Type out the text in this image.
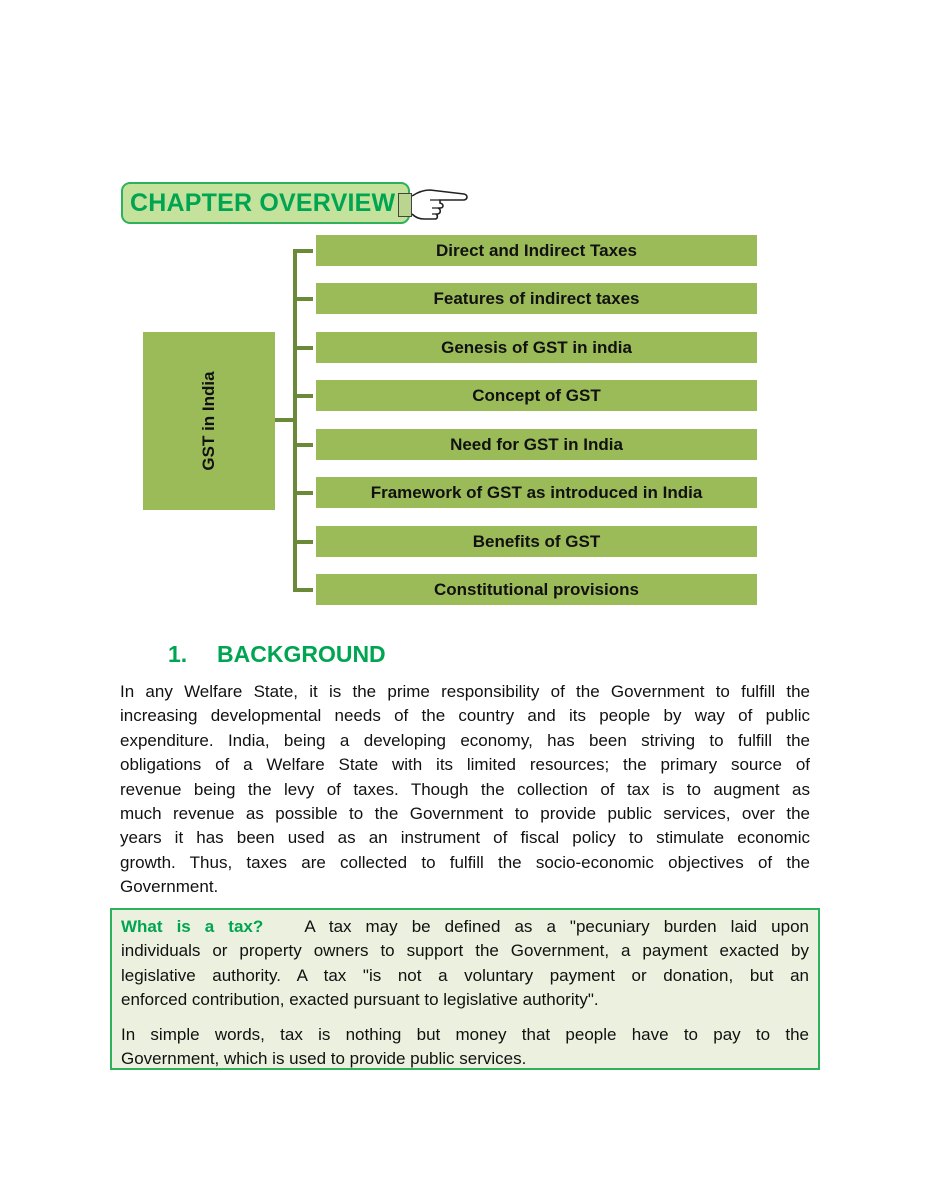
CHAPTER OVERVIEW
GST in India
Direct and Indirect Taxes
Features of indirect taxes
Genesis of GST in india
Concept of GST
Need for GST in India
Framework of GST as introduced in India
Benefits of GST
Constitutional provisions
1. BACKGROUND
In any Welfare State, it is the prime responsibility of the Government to fulfill the
increasing developmental needs of the country and its people by way of public
expenditure. India, being a developing economy, has been striving to fulfill the
obligations of a Welfare State with its limited resources; the primary source of
revenue being the levy of taxes. Though the collection of tax is to augment as
much revenue as possible to the Government to provide public services, over the
years it has been used as an instrument of fiscal policy to stimulate economic
growth. Thus, taxes are collected to fulfill the socio-economic objectives of the
Government.
What is a tax? A tax may be defined as a "pecuniary burden laid upon
individuals or property owners to support the Government, a payment exacted by
legislative authority. A tax "is not a voluntary payment or donation, but an
enforced contribution, exacted pursuant to legislative authority".
In simple words, tax is nothing but money that people have to pay to the
Government, which is used to provide public services.
